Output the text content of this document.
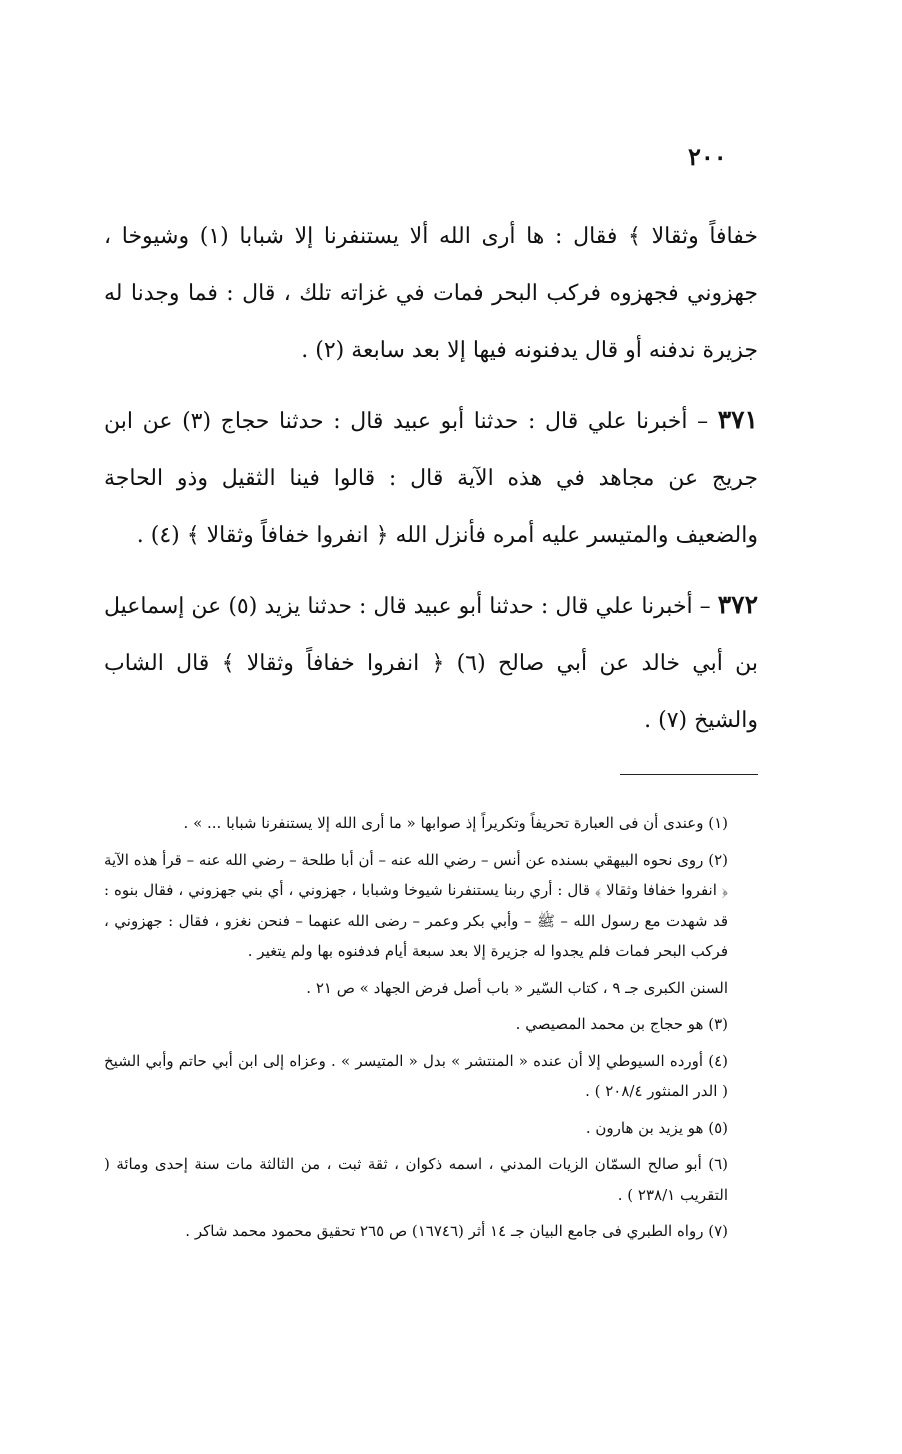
٢٠٠

خفافاً وثقالا ﴾ فقال : ها أرى الله ألا يستنفرنا إلا شبابا (١) وشيوخا ، جهزوني فجهزوه فركب البحر فمات في غزاته تلك ، قال : فما وجدنا له جزيرة ندفنه أو قال يدفنونه فيها إلا بعد سابعة (٢) .

٣٧١ – أخبرنا علي قال : حدثنا أبو عبيد قال : حدثنا حجاج (٣) عن ابن جريج عن مجاهد في هذه الآية قال : قالوا فينا الثقيل وذو الحاجة والضعيف والمتيسر عليه أمره فأنزل الله ﴿ انفروا خفافاً وثقالا ﴾ (٤) .

٣٧٢ – أخبرنا علي قال : حدثنا أبو عبيد قال : حدثنا يزيد (٥) عن إسماعيل بن أبي خالد عن أبي صالح (٦) ﴿ انفروا خفافاً وثقالا ﴾ قال الشاب والشيخ (٧) .

(١) وعندى أن فى العبارة تحريفاً وتكريراً إذ صوابها « ما أرى الله إلا يستنفرنا شبابا ... » .

(٢) روى نحوه البيهقي بسنده عن أنس – رضي الله عنه – أن أبا طلحة – رضي الله عنه – قرأ هذه الآية ﴿ انفروا خفافا وثقالا ﴾ قال : أري ربنا يستنفرنا شيوخا وشبابا ، جهزوني ، أي بني جهزوني ، فقال بنوه : قد شهدت مع رسول الله – ﷺ – وأبي بكر وعمر – رضى الله عنهما – فنحن نغزو ، فقال : جهزوني ، فركب البحر فمات فلم يجدوا له جزيرة إلا بعد سبعة أيام فدفنوه بها ولم يتغير .

السنن الكبرى جـ ٩ ، كتاب السّير « باب أصل فرض الجهاد » ص ٢١ .

(٣) هو حجاج بن محمد المصيصي .

(٤) أورده السيوطي إلا أن عنده « المنتشر » بدل « المتيسر » . وعزاه إلى ابن أبي حاتم وأبي الشيخ ( الدر المنثور ٢٠٨/٤ ) .

(٥) هو يزيد بن هارون .

(٦) أبو صالح السمّان الزيات المدني ، اسمه ذكوان ، ثقة ثبت ، من الثالثة مات سنة إحدى ومائة ( التقريب ٢٣٨/١ ) .

(٧) رواه الطبري فى جامع البيان جـ ١٤ أثر (١٦٧٤٦) ص ٢٦٥ تحقيق محمود محمد شاكر .
